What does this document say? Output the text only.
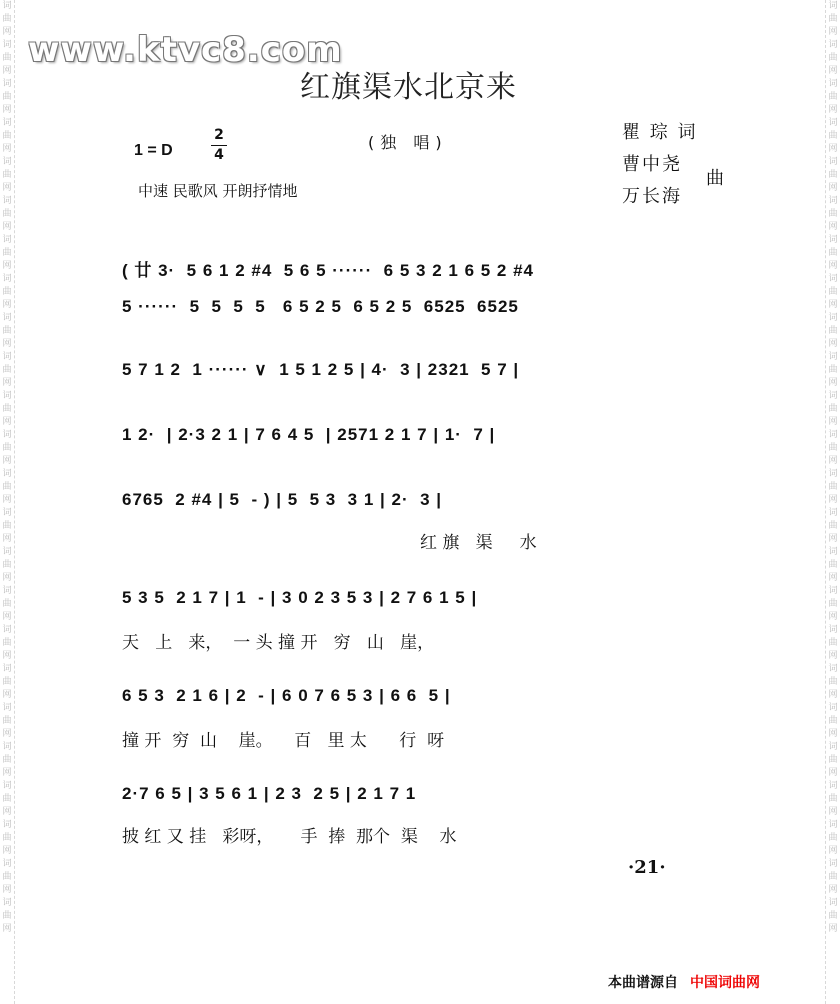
词曲网词曲网词曲网词曲网词曲网词曲网词曲网词曲网词曲网词曲网词曲网词曲网词曲网词曲网词曲网词曲网词曲网词曲网词曲网词曲网词曲网词曲网词曲网词曲网
词曲网词曲网词曲网词曲网词曲网词曲网词曲网词曲网词曲网词曲网词曲网词曲网词曲网词曲网词曲网词曲网词曲网词曲网词曲网词曲网词曲网词曲网词曲网词曲网
www.ktvc8.com
红旗渠水北京来
1 = D
2
4
(独 唱)
中速 民歌风 开朗抒情地
瞿 琮 词
曹中尧
万长海
曲
( 廿 3·  5 6 1 2 #4  5 6 5 ······  6 5 3 2 1 6 5 2 #4
5 ······  5  5  5  5   6 5 2 5  6 5 2 5  6525  6525
5 7 1 2  1 ······ ∨  1 5 1 2 5 | 4·  3 | 2321  5 7 |
1 2·  | 2·3 2 1 | 7 6 4 5  | 2571 2 1 7 | 1·  7 |
6765  2 #4 | 5  - ) | 5  5 3  3 1 | 2·  3 |
红 旗   渠     水
5 3 5  2 1 7 | 1  - | 3 0 2 3 5 3 | 2 7 6 1 5 |
天   上   来，  一 头 撞 开   穷   山   崖，
6 5 3  2 1 6 | 2  - | 6 0 7 6 5 3 | 6 6  5 |
撞 开  穷  山    崖。    百   里 太      行  呀
2·7 6 5 | 3 5 6 1 | 2 3  2 5 | 2 1 7 1
披 红 又 挂   彩呀，     手  捧  那个  渠    水
·21·
本曲谱源自 中国词曲网
